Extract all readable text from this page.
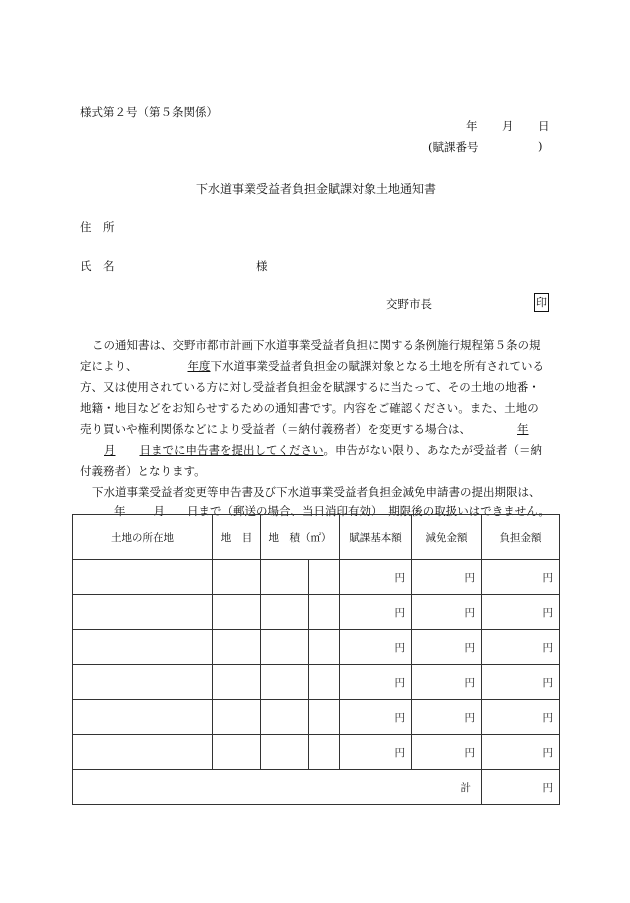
様式第２号（第５条関係）
年 月 日
(賦課番号	)
下水道事業受益者負担金賦課対象土地通知書
住　所
氏　名	様
交野市長	印
この通知書は、交野市都市計画下水道事業受益者負担に関する条例施行規程第５条の規
定により、	年度下水道事業受益者負担金の賦課対象となる土地を所有されている
方、又は使用されている方に対し受益者負担金を賦課するに当たって、その土地の地番・
地籍・地目などをお知らせするための通知書です。内容をご確認ください。また、土地の
売り買いや権利関係などにより受益者（＝納付義務者）を変更する場合は、	年
月 日までに申告書を提出してください。申告がない限り、あなたが受益者（＝納
付義務者）となります。
下水道事業受益者変更等申告書及び下水道事業受益者負担金減免申請書の提出期限は、
年 月 日まで（郵送の場合、当日消印有効）　期限後の取扱いはできません。
土地の所在地	地　目	地　積（㎡）		賦課基本額	減免金額	負担金額
				円	円	円
				円	円	円
				円	円	円
				円	円	円
				円	円	円
				円	円	円
計						円
